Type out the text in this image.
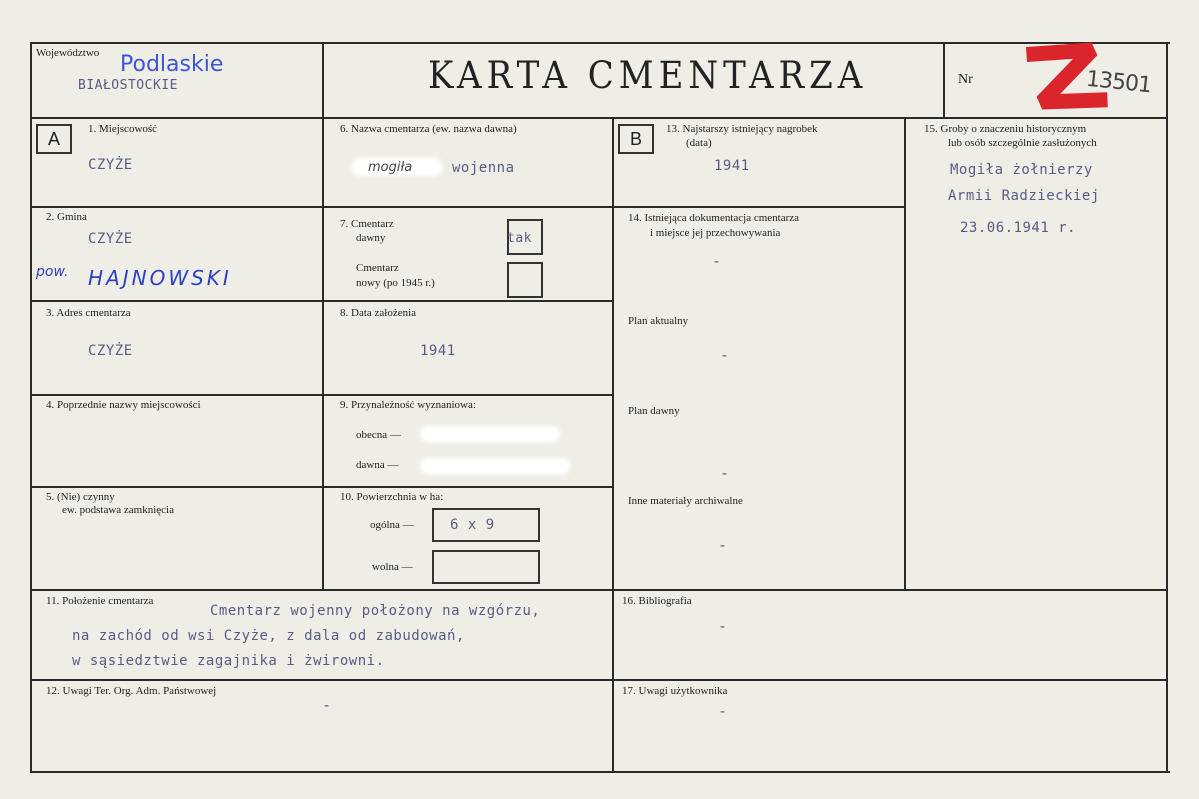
Województwo Podlaskie
BIAŁOSTOCKIE	KARTA CMENTARZA	Nr	13501
A	1. Miejscowość
CZYŻE
2. Gmina
CZYŻE
pow. HAJNOWSKI
3. Adres cmentarza
CZYŻE
4. Poprzednie nazwy miejscowości
5. (Nie) czynny
ew. podstawa zamknięcia
6. Nazwa cmentarza (ew. nazwa dawna)
mogiła	wojenna
7. Cmentarz
dawny	tak
Cmentarz
nowy (po 1945 r.)
8. Data założenia
1941
9. Przynależność wyznaniowa:
obecna —
dawna —
10. Powierzchnia w ha:
ogólna —	6 x 9
wolna —
B	13. Najstarszy istniejący nagrobek
(data)
1941
14. Istniejąca dokumentacja cmentarza
i miejsce jej przechowywania
-
Plan aktualny
-
Plan dawny
-
Inne materiały archiwalne
-
15. Groby o znaczeniu historycznym
lub osób szczególnie zasłużonych
Mogiła żołnierzy
Armii Radzieckiej
23.06.1941 r.
11. Położenie cmentarza
Cmentarz wojenny położony na wzgórzu,
na zachód od wsi Czyże, z dala od zabudowań,
w sąsiedztwie zagajnika i żwirowni.
16. Bibliografia
-
12. Uwagi Ter. Org. Adm. Państwowej
-
17. Uwagi użytkownika
-
